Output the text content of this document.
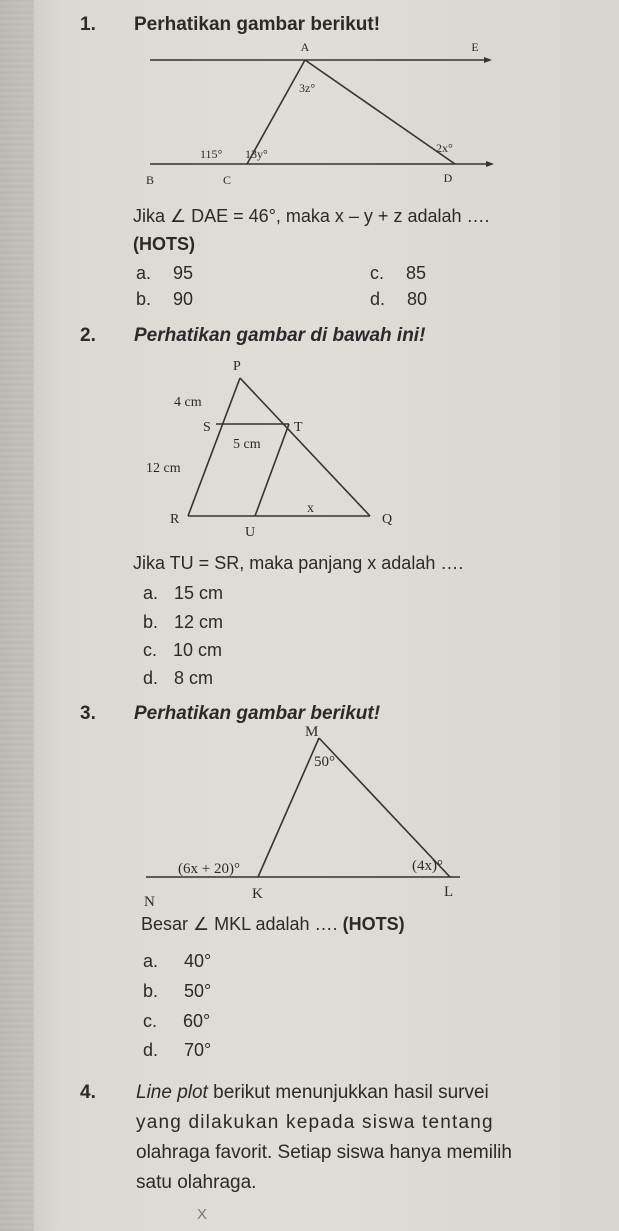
1. Perhatikan gambar berikut!
A	E
3z°
115° 13y°	2x°
B	C	D
Jika ∠ DAE = 46°, maka x – y + z adalah ….
(HOTS)
a. 95	c. 85
b. 90	d. 80
2. Perhatikan gambar di bawah ini!
P
4 cm
S	T
5 cm
12 cm
x
R
U
Q
Jika TU = SR, maka panjang x adalah ….
a. 15 cm
b. 12 cm
c. 10 cm
d. 8 cm
3. Perhatikan gambar berikut!
M
50°
(6x + 20)°	(4x)°
N	K	L
Besar ∠ MKL adalah …. (HOTS)
a. 40°
b. 50°
c. 60°
d. 70°
4. Line plot berikut menunjukkan hasil survei
yang dilakukan kepada siswa tentang
olahraga favorit. Setiap siswa hanya memilih
satu olahraga.
X
